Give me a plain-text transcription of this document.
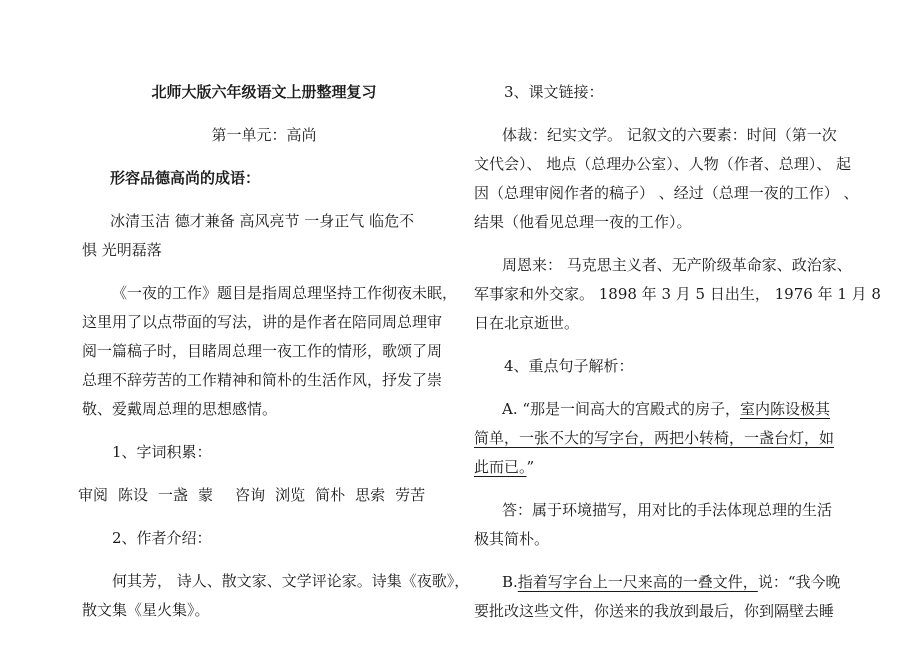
北师大版六年级语文上册整理复习

第一单元：高尚

形容品德高尚的成语：

冰清玉洁 德才兼备 高风亮节 一身正气 临危不

惧 光明磊落

《一夜的工作》题目是指周总理坚持工作彻夜未眠，

这里用了以点带面的写法，讲的是作者在陪同周总理审

阅一篇稿子时，目睹周总理一夜工作的情形，歌颂了周

总理不辞劳苦的工作精神和简朴的生活作风，抒发了崇

敬、爱戴周总理的思想感情。

1、字词积累：

审阅 陈设 一盏 蒙 咨询 浏览 简朴 思索 劳苦

2、作者介绍：

何其芳， 诗人、散文家、文学评论家。诗集《夜歌》，

散文集《星火集》。

3、课文链接：

体裁：纪实文学。 记叙文的六要素：时间（第一次

文代会）、 地点（总理办公室）、人物（作者、总理）、 起

因（总理审阅作者的稿子） 、经过（总理一夜的工作） 、

结果（他看见总理一夜的工作）。

周恩来： 马克思主义者、无产阶级革命家、政治家、

军事家和外交家。 1898 年 3 月 5 日出生， 1976 年 1 月 8

日在北京逝世。

4、重点句子解析：

A. “那是一间高大的宫殿式的房子，室内陈设极其

简单，一张不大的写字台，两把小转椅，一盏台灯，如

此而已。”

答：属于环境描写，用对比的手法体现总理的生活

极其简朴。

B.指着写字台上一尺来高的一叠文件，说：“我今晚

要批改这些文件，你送来的我放到最后，你到隔壁去睡
